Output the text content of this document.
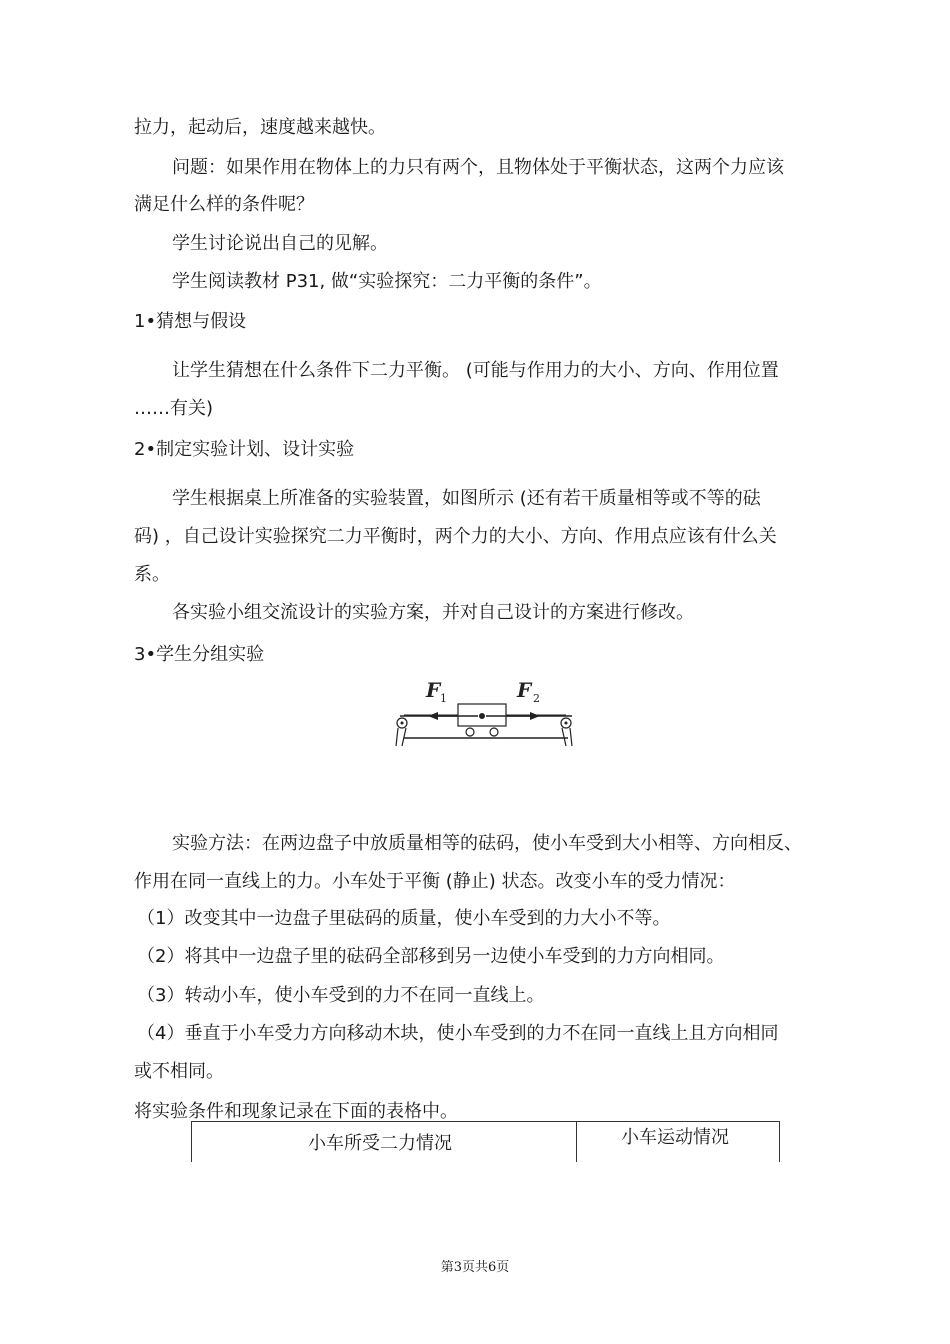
拉力，起动后，速度越来越快。
问题：如果作用在物体上的力只有两个，且物体处于平衡状态，这两个力应该
满足什么样的条件呢？
学生讨论说出自己的见解。
学生阅读教材 P31, 做“实验探究：二力平衡的条件”。
1•猜想与假设
让学生猜想在什么条件下二力平衡。 (可能与作用力的大小、方向、作用位置
……有关)
2•制定实验计划、设计实验
学生根据桌上所准备的实验装置，如图所示 (还有若干质量相等或不等的砝
码) ，自己设计实验探究二力平衡时，两个力的大小、方向、作用点应该有什么关
系。
各实验小组交流设计的实验方案，并对自己设计的方案进行修改。
3•学生分组实验
F 1	F 2
实验方法：在两边盘子中放质量相等的砝码，使小车受到大小相等、方向相反、
作用在同一直线上的力。小车处于平衡 (静止) 状态。改变小车的受力情况：
（1）改变其中一边盘子里砝码的质量，使小车受到的力大小不等。
（2）将其中一边盘子里的砝码全部移到另一边使小车受到的力方向相同。
（3）转动小车，使小车受到的力不在同一直线上。
（4）垂直于小车受力方向移动木块，使小车受到的力不在同一直线上且方向相同
或不相同。
将实验条件和现象记录在下面的表格中。
小车所受二力情况	小车运动情况
第3页共6页
